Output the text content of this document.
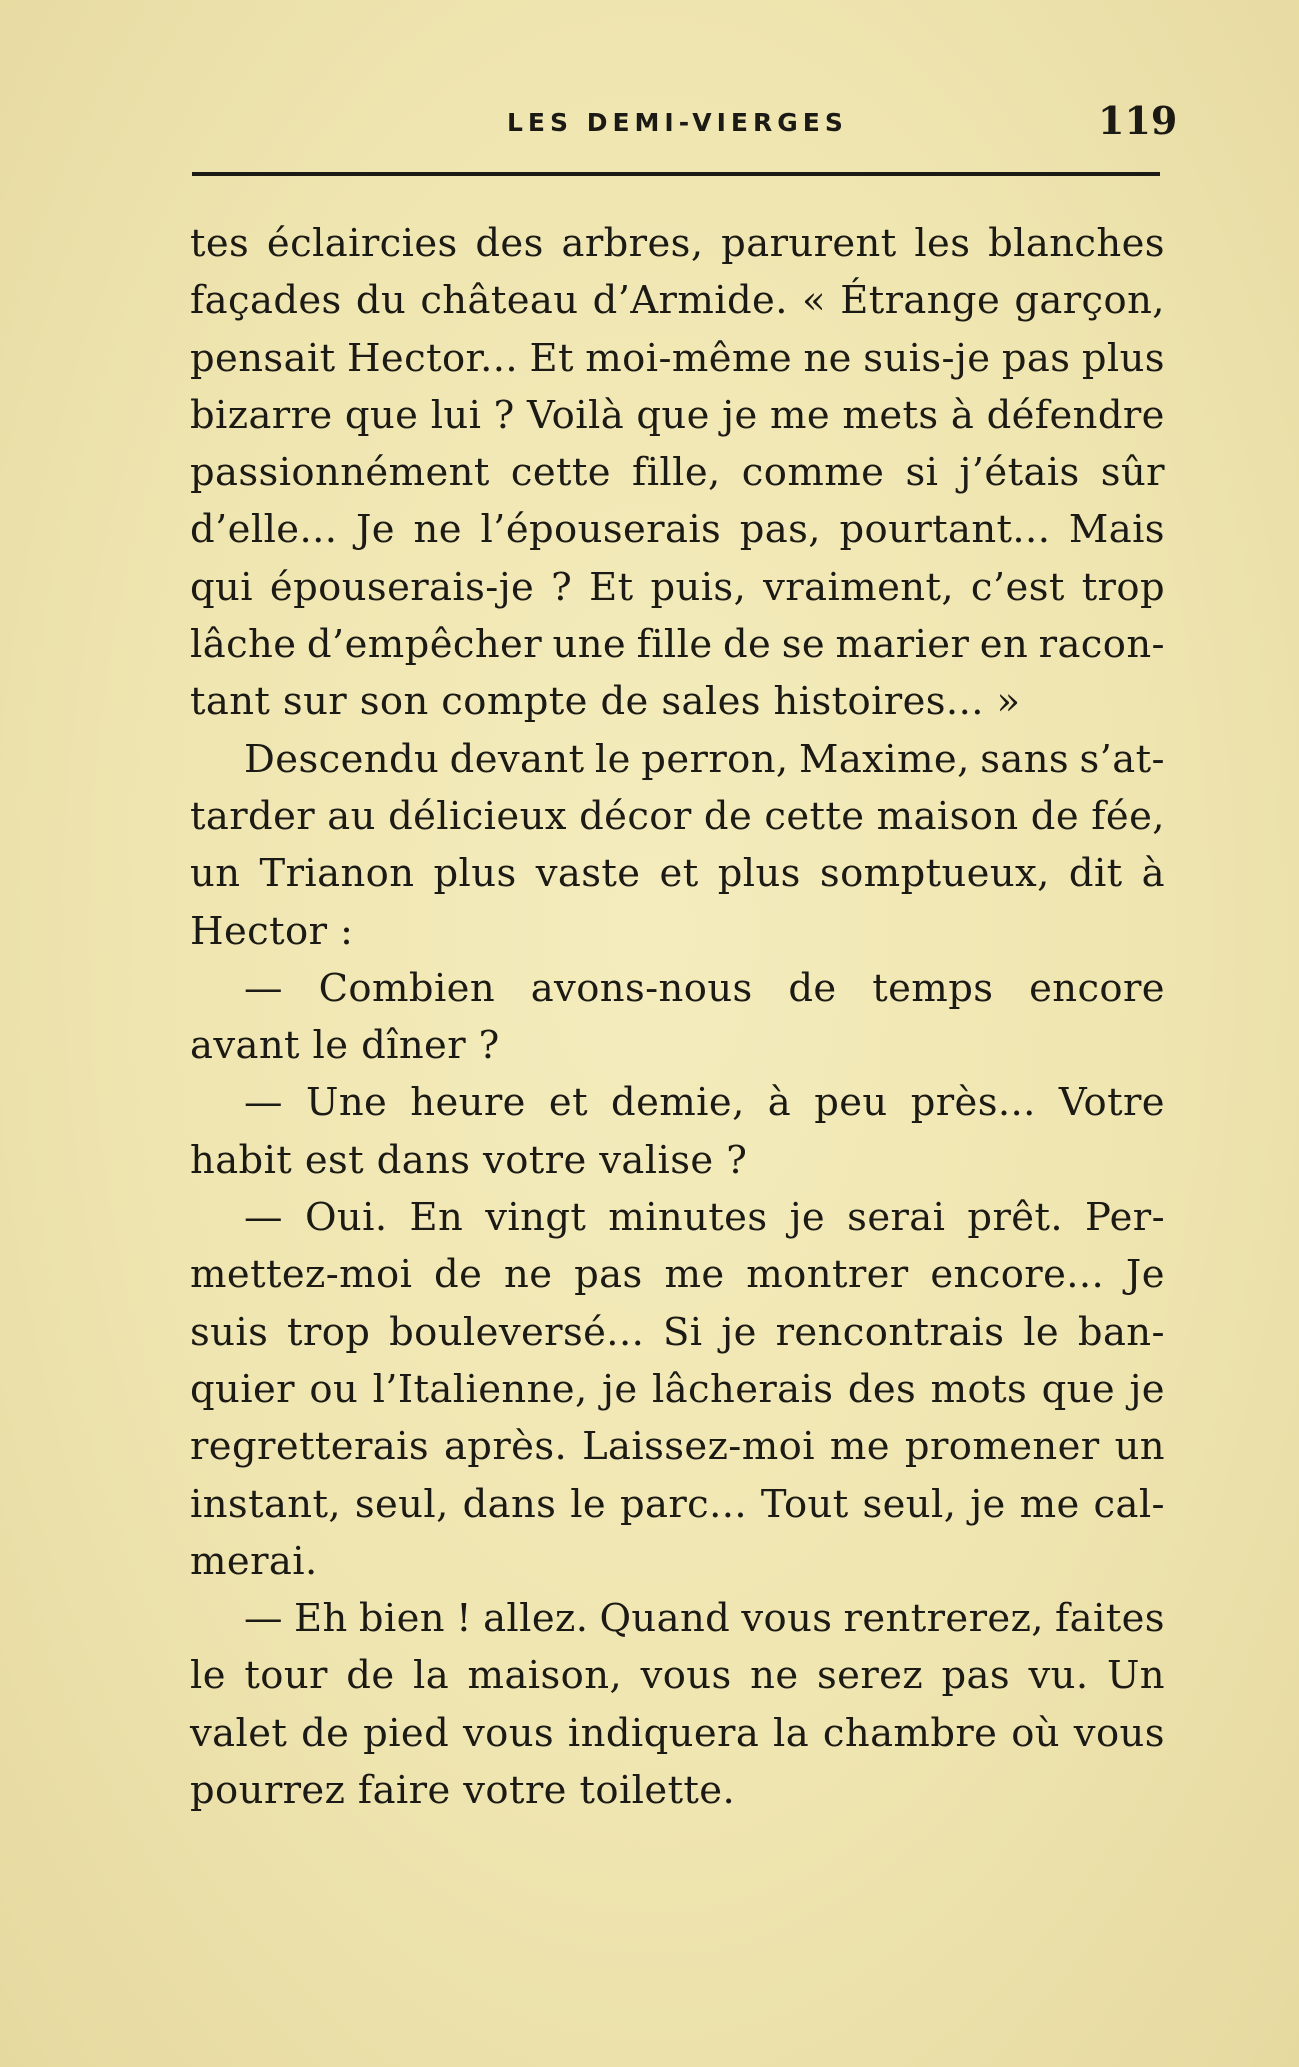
LES DEMI-VIERGES	119
tes éclaircies des arbres, parurent les blanches
façades du château d’Armide. « Étrange garçon,
pensait Hector... Et moi-même ne suis-je pas plus
bizarre que lui ? Voilà que je me mets à défendre
passionnément cette fille, comme si j’étais sûr
d’elle... Je ne l’épouserais pas, pourtant... Mais
qui épouserais-je ? Et puis, vraiment, c’est trop
lâche d’empêcher une fille de se marier en racon-
tant sur son compte de sales histoires... »
Descendu devant le perron, Maxime, sans s’at-
tarder au délicieux décor de cette maison de fée,
un Trianon plus vaste et plus somptueux, dit à
Hector :
— Combien avons-nous de temps encore
avant le dîner ?
— Une heure et demie, à peu près... Votre
habit est dans votre valise ?
— Oui. En vingt minutes je serai prêt. Per-
mettez-moi de ne pas me montrer encore... Je
suis trop bouleversé... Si je rencontrais le ban-
quier ou l’Italienne, je lâcherais des mots que je
regretterais après. Laissez-moi me promener un
instant, seul, dans le parc... Tout seul, je me cal-
merai.
— Eh bien ! allez. Quand vous rentrerez, faites
le tour de la maison, vous ne serez pas vu. Un
valet de pied vous indiquera la chambre où vous
pourrez faire votre toilette.
